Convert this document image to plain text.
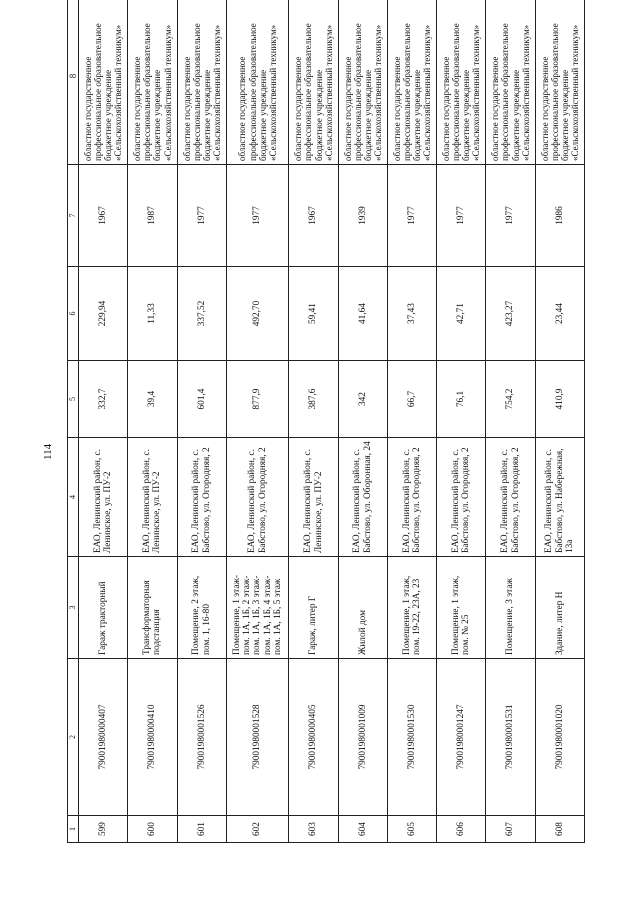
114
1	2	3	4	5	6	7	8
599	79001980000407	Гараж тракторный	ЕАО, Ленинский район, с. Ленинское, ул. ПУ-2	332,7	229,94	1967	областное государственное профессиональное образовательное бюджетное учреждение «Сельскохозяйственный техникум»
600	79001980000410	Трансформаторная подстанция	ЕАО, Ленинский район, с. Ленинское, ул. ПУ-2	39,4	11,33	1987	областное государственное профессиональное образовательное бюджетное учреждение «Сельскохозяйственный техникум»
601	79001980001526	Помещение, 2 этаж, пом. 1, 16-80	ЕАО, Ленинский район, с. Бабстово, ул. Огородняя, 2	601,4	337,52	1977	областное государственное профессиональное образовательное бюджетное учреждение «Сельскохозяйственный техникум»
602	79001980001528	Помещение, 1 этаж-пом. 1А, 1Б, 2 этаж-пом. 1А, 1Б, 3 этаж-пом. 1А, 1Б, 4 этаж-пом. 1А, 1Б, 5 этаж	ЕАО, Ленинский район, с. Бабстово, ул. Огородняя, 2	877,9	492,70	1977	областное государственное профессиональное образовательное бюджетное учреждение «Сельскохозяйственный техникум»
603	79001980000405	Гараж, литер Г	ЕАО, Ленинский район, с. Ленинское, ул. ПУ-2	387,6	59,41	1967	областное государственное профессиональное образовательное бюджетное учреждение «Сельскохозяйственный техникум»
604	79001980001009	Жилой дом	ЕАО, Ленинский район, с. Бабстово, ул. Оборонная, 24	342	41,64	1939	областное государственное профессиональное образовательное бюджетное учреждение «Сельскохозяйственный техникум»
605	79001980001530	Помещение, 1 этаж, пом. 19-22, 23А, 23	ЕАО, Ленинский район, с. Бабстово, ул. Огородняя, 2	66,7	37,43	1977	областное государственное профессиональное образовательное бюджетное учреждение «Сельскохозяйственный техникум»
606	79001980001247	Помещение, 1 этаж, пом. № 25	ЕАО, Ленинский район, с. Бабстово, ул. Огородняя, 2	76,1	42,71	1977	областное государственное профессиональное образовательное бюджетное учреждение «Сельскохозяйственный техникум»
607	79001980001531	Помещение, 3 этаж	ЕАО, Ленинский район, с. Бабстово, ул. Огородняя, 2	754,2	423,27	1977	областное государственное профессиональное образовательное бюджетное учреждение «Сельскохозяйственный техникум»
608	79001980001020	Здание, литер Н	ЕАО, Ленинский район, с. Бабстово, ул. Набережная, 13а	410,9	23,44	1986	областное государственное профессиональное образовательное бюджетное учреждение «Сельскохозяйственный техникум»
